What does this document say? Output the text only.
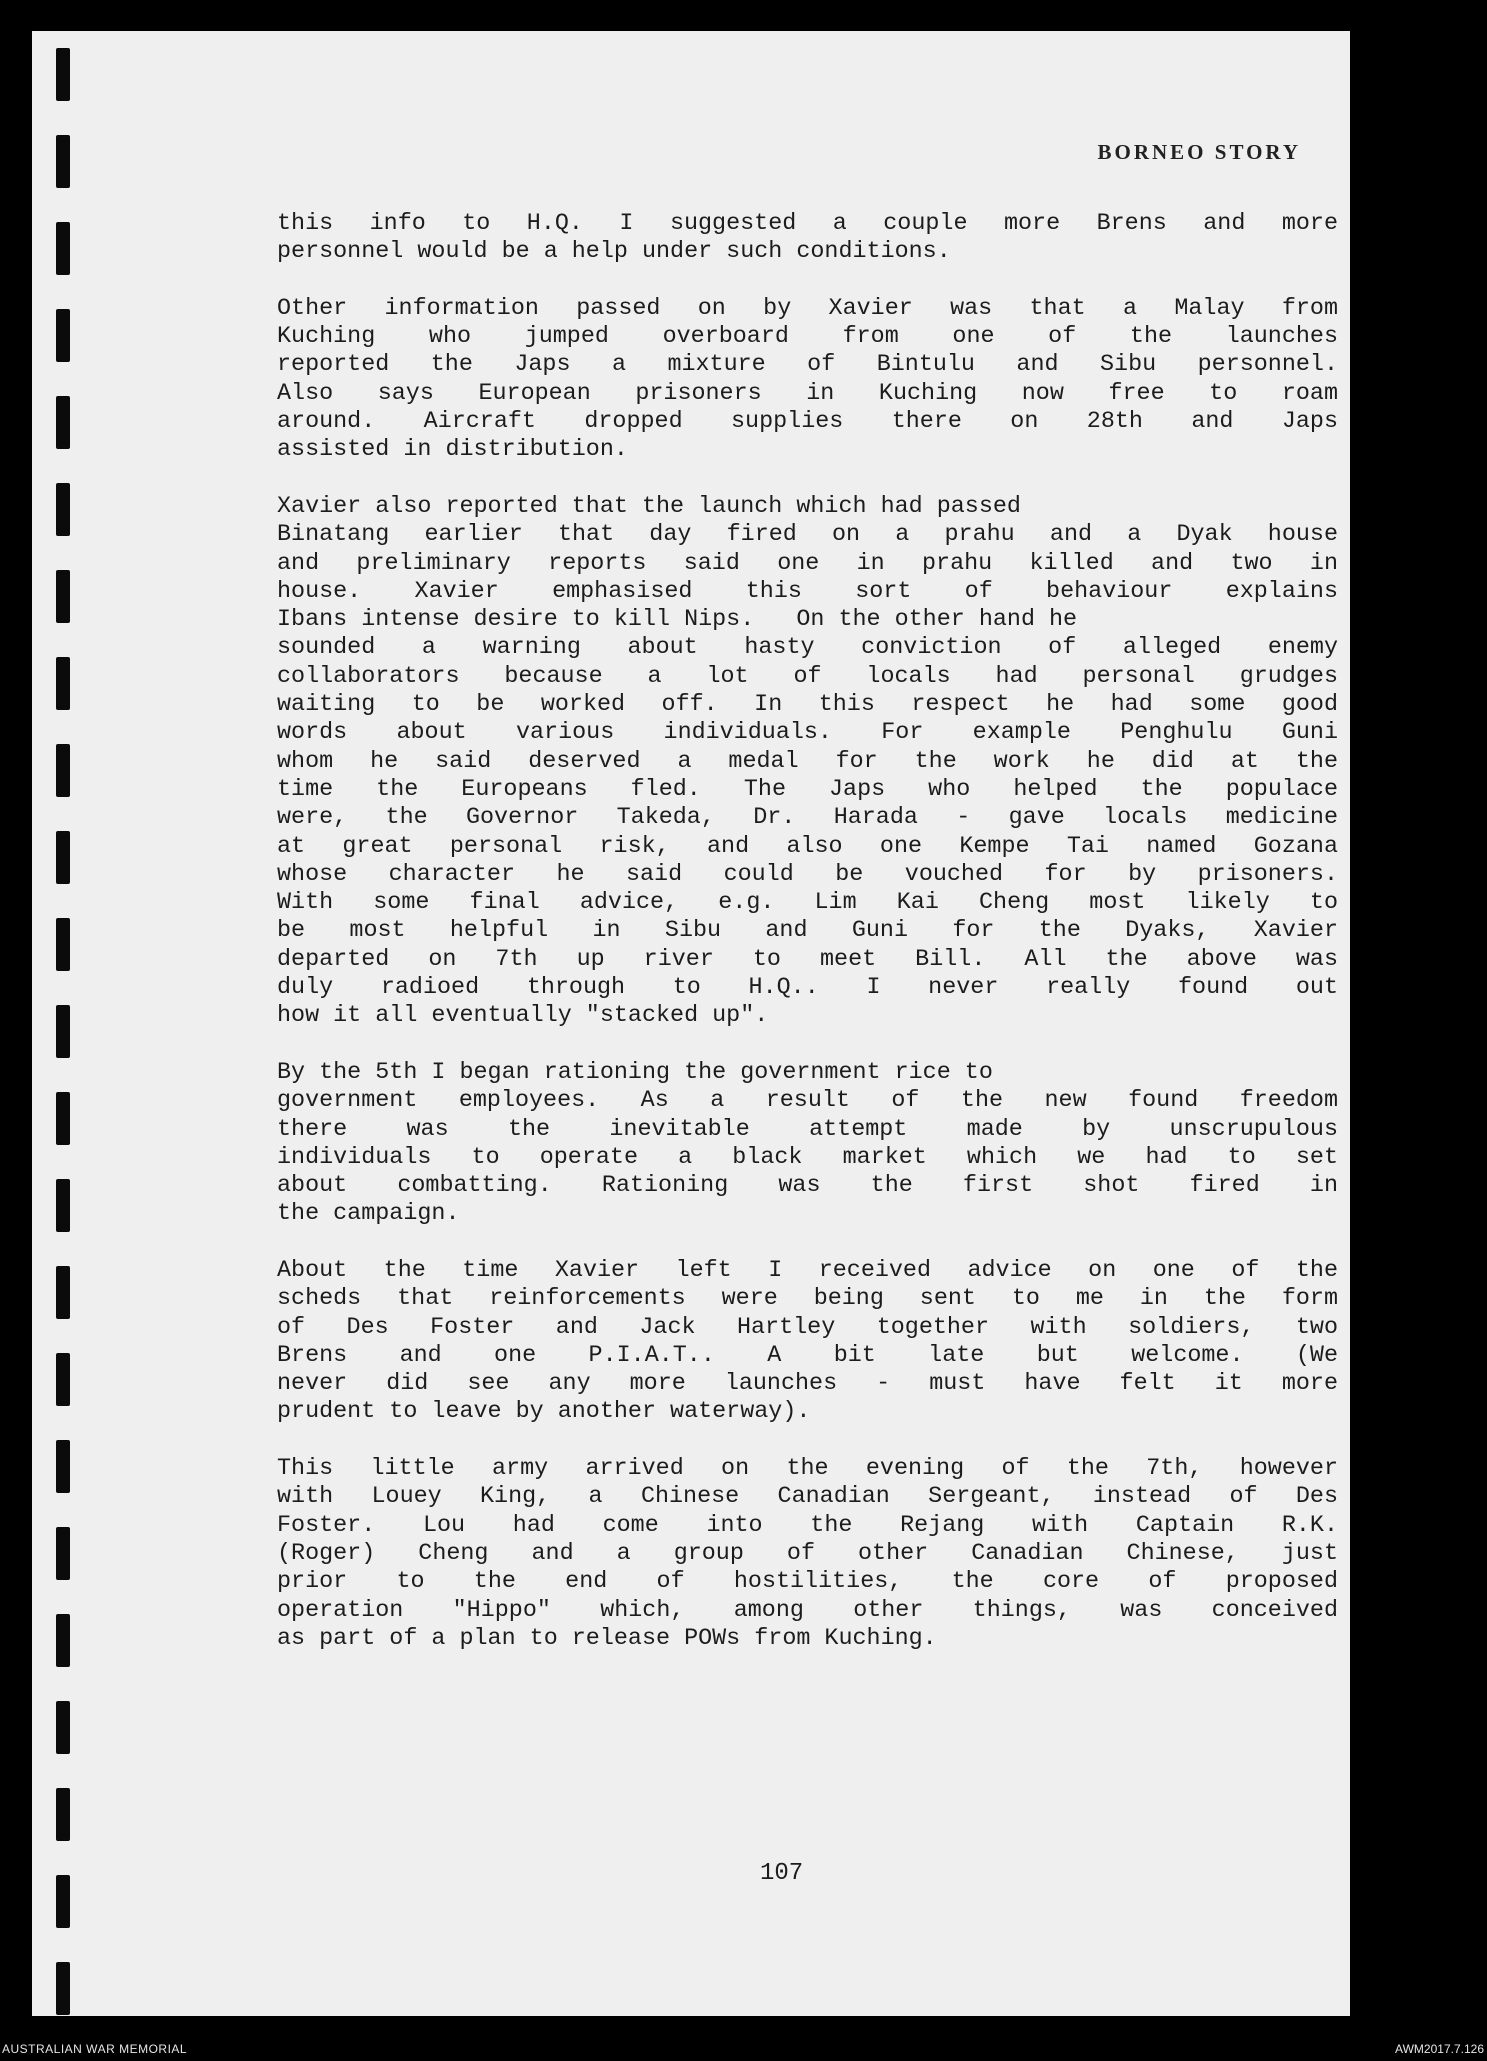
BORNEO STORY
this info to H.Q. I suggested a couple more Brens and more
personnel would be a help under such conditions.
Other information passed on by Xavier was that a Malay from
Kuching who jumped overboard from one of the launches
reported the Japs a mixture of Bintulu and Sibu personnel.
Also says European prisoners in Kuching now free to roam
around. Aircraft dropped supplies there on 28th and Japs
assisted in distribution.
Xavier also reported that the launch which had passed
Binatang earlier that day fired on a prahu and a Dyak house
and preliminary reports said one in prahu killed and two in
house. Xavier emphasised this sort of behaviour explains
Ibans intense desire to kill Nips.   On the other hand he
sounded a warning about hasty conviction of alleged enemy
collaborators because a lot of locals had personal grudges
waiting to be worked off. In this respect he had some good
words about various individuals. For example Penghulu Guni
whom he said deserved a medal for the work he did at the
time the Europeans fled. The Japs who helped the populace
were, the Governor Takeda, Dr. Harada - gave locals medicine
at great personal risk, and also one Kempe Tai named Gozana
whose character he said could be vouched for by prisoners.
With some final advice, e.g. Lim Kai Cheng most likely to
be most helpful in Sibu and Guni for the Dyaks, Xavier
departed on 7th up river to meet Bill. All the above was
duly radioed through to H.Q.. I never really found out
how it all eventually "stacked up".
By the 5th I began rationing the government rice to
government employees. As a result of the new found freedom
there was the inevitable attempt made by unscrupulous
individuals to operate a black market which we had to set
about combatting. Rationing was the first shot fired in
the campaign.
About the time Xavier left I received advice on one of the
scheds that reinforcements were being sent to me in the form
of Des Foster and Jack Hartley together with soldiers, two
Brens and one P.I.A.T.. A bit late but welcome. (We
never did see any more launches - must have felt it more
prudent to leave by another waterway).
This little army arrived on the evening of the 7th, however
with Louey King, a Chinese Canadian Sergeant, instead of Des
Foster. Lou had come into the Rejang with Captain R.K.
(Roger) Cheng and a group of other Canadian Chinese, just
prior to the end of hostilities, the core of proposed
operation "Hippo" which, among other things, was conceived
as part of a plan to release POWs from Kuching.
107
AUSTRALIAN WAR MEMORIAL	AWM2017.7.126
